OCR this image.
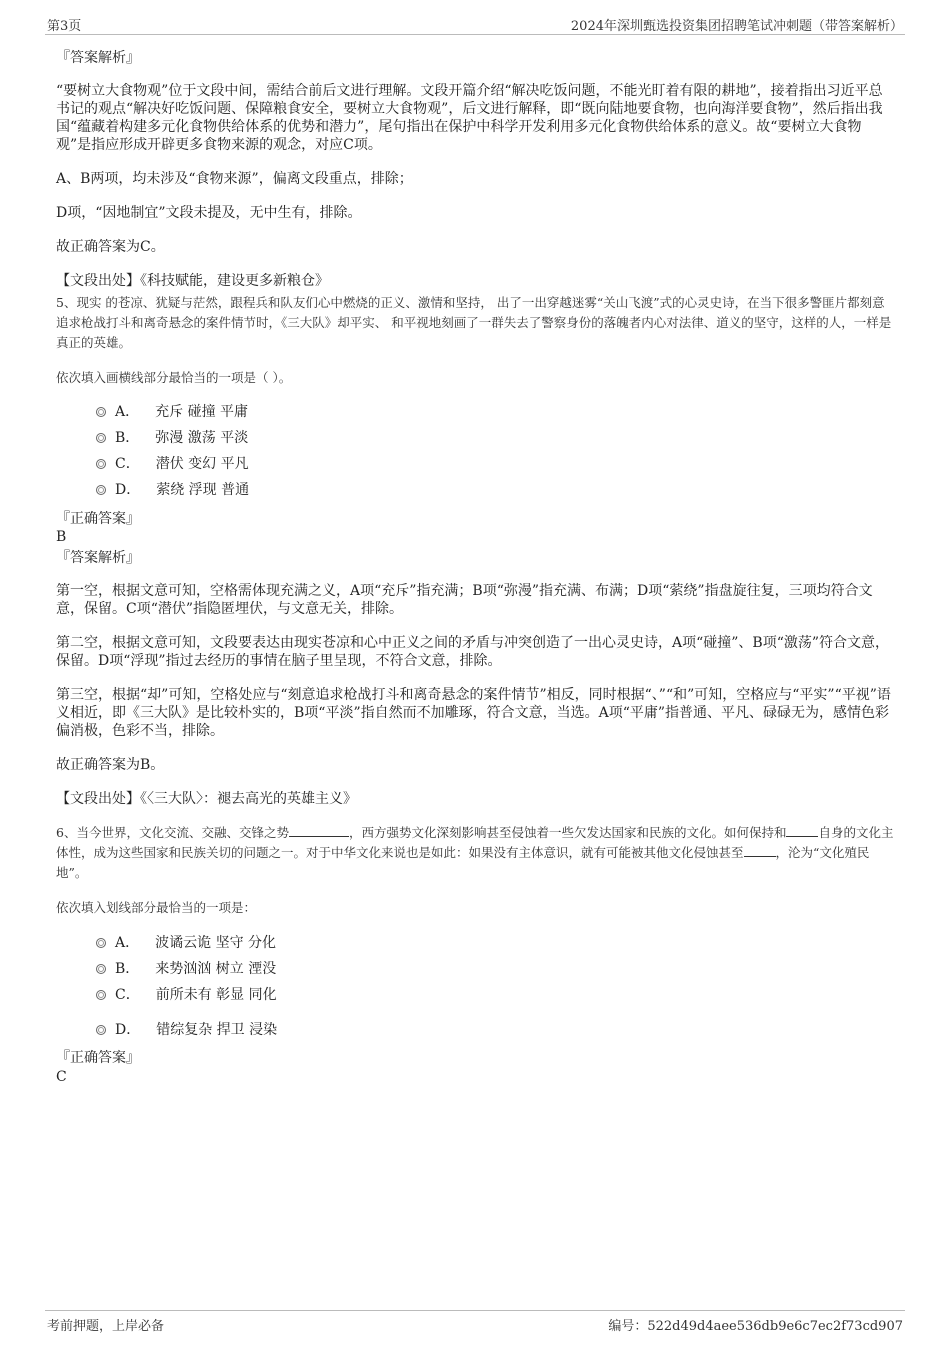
第3页	2024年深圳甄选投资集团招聘笔试冲刺题（带答案解析）
『答案解析』
“要树立大食物观”位于文段中间，需结合前后文进行理解。文段开篇介绍“解决吃饭问题，不能光盯着有限的耕地”，接着指出习近平总书记的观点“解决好吃饭问题、保障粮食安全，要树立大食物观”，后文进行解释，即“既向陆地要食物，也向海洋要食物”，然后指出我国“蕴藏着构建多元化食物供给体系的优势和潜力”，尾句指出在保护中科学开发利用多元化食物供给体系的意义。故“要树立大食物观”是指应形成开辟更多食物来源的观念，对应C项。
A、B两项，均未涉及“食物来源”，偏离文段重点，排除；
D项，“因地制宜”文段未提及，无中生有，排除。
故正确答案为C。
【文段出处】《科技赋能，建设更多新粮仓》
5、现实 的苍凉、犹疑与茫然，跟程兵和队友们心中燃烧的正义、激情和坚持， 出了一出穿越迷雾“关山飞渡”式的心灵史诗，在当下很多警匪片都刻意追求枪战打斗和离奇悬念的案件情节时，《三大队》却平实、 和平视地刻画了一群失去了警察身份的落魄者内心对法律、道义的坚守，这样的人，一样是真正的英雄。
依次填入画横线部分最恰当的一项是（ ）。
A． 充斥 碰撞 平庸
B． 弥漫 激荡 平淡
C． 潜伏 变幻 平凡
D． 萦绕 浮现 普通
『正确答案』
B
『答案解析』
第一空，根据文意可知，空格需体现充满之义，A项“充斥”指充满；B项“弥漫”指充满、布满；D项“萦绕”指盘旋往复，三项均符合文意，保留。C项“潜伏”指隐匿埋伏，与文意无关，排除。
第二空，根据文意可知，文段要表达由现实苍凉和心中正义之间的矛盾与冲突创造了一出心灵史诗，A项“碰撞”、B项“激荡”符合文意，保留。D项“浮现”指过去经历的事情在脑子里呈现，不符合文意，排除。
第三空，根据“却”可知，空格处应与“刻意追求枪战打斗和离奇悬念的案件情节”相反，同时根据“、”“和”可知，空格应与“平实”“平视”语义相近，即《三大队》是比较朴实的，B项“平淡”指自然而不加雕琢，符合文意，当选。A项“平庸”指普通、平凡、碌碌无为，感情色彩偏消极，色彩不当，排除。
故正确答案为B。
【文段出处】《〈三大队〉：褪去高光的英雄主义》
6、当今世界，文化交流、交融、交锋之势	，西方强势文化深刻影响甚至侵蚀着一些欠发达国家和民族的文化。如何保持和	自身的文化主体性，成为这些国家和民族关切的问题之一。对于中华文化来说也是如此：如果没有主体意识，就有可能被其他文化侵蚀甚至	，沦为“文化殖民地”。
依次填入划线部分最恰当的一项是：
A． 波谲云诡 坚守 分化
B． 来势汹汹 树立 湮没
C． 前所未有 彰显 同化
D． 错综复杂 捍卫 浸染
『正确答案』
C
考前押题，上岸必备	编号：522d49d4aee536db9e6c7ec2f73cd907
